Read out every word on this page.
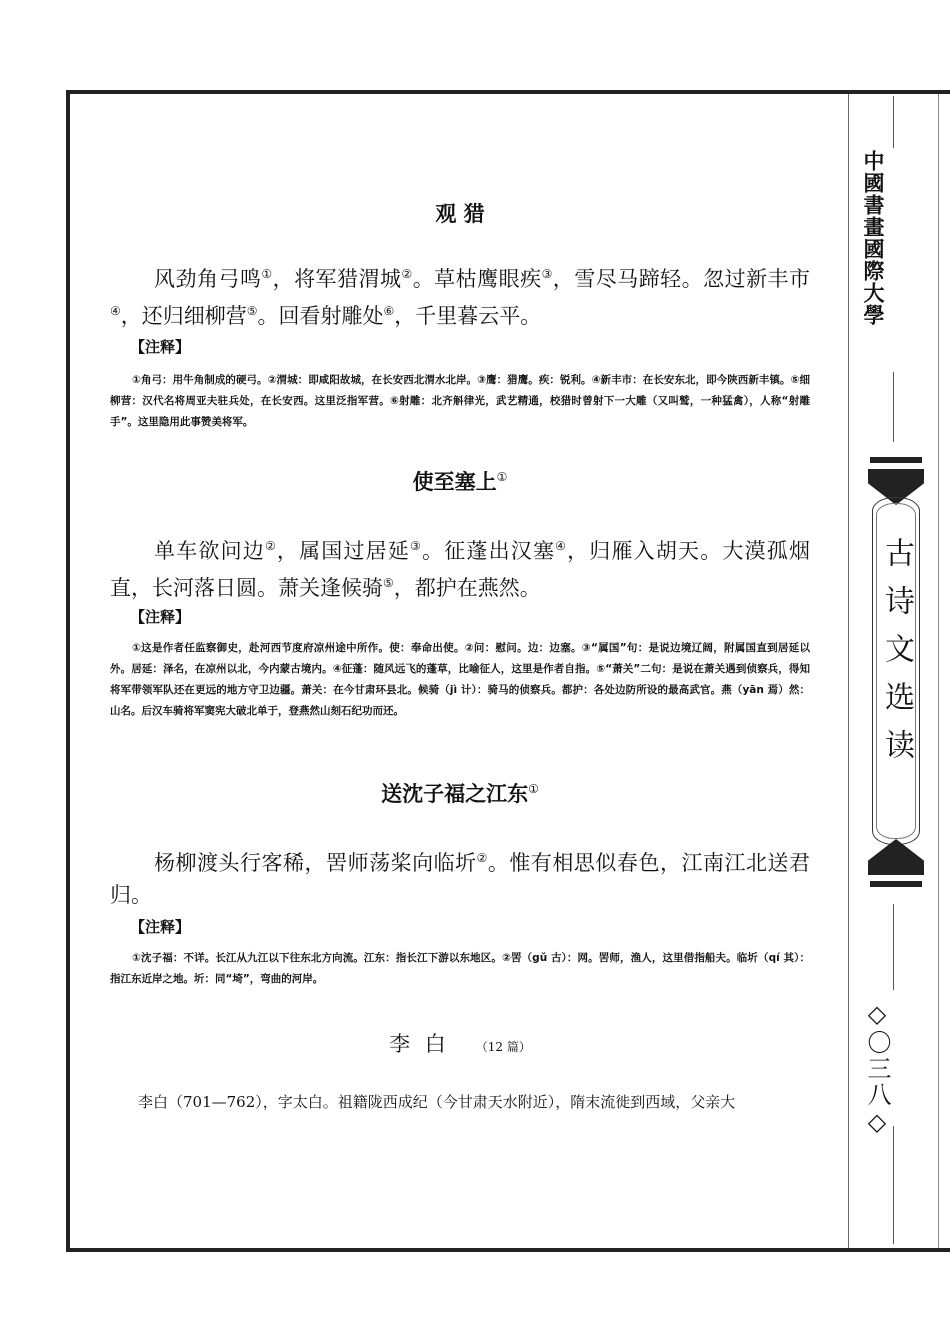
中國書畫國際大學
古诗文选读
◇〇三八◇
观 猎
风劲角弓鸣①，将军猎渭城②。草枯鹰眼疾③，雪尽马蹄轻。忽过新丰市④，还归细柳营⑤。回看射雕处⑥，千里暮云平。
【注释】
①角弓：用牛角制成的硬弓。②渭城：即咸阳故城，在长安西北渭水北岸。③鹰：猎鹰。疾：锐利。④新丰市：在长安东北，即今陕西新丰镇。⑤细柳营：汉代名将周亚夫驻兵处，在长安西。这里泛指军营。⑥射雕：北齐斛律光，武艺精通，校猎时曾射下一大雕（又叫鹫，一种猛禽），人称“射雕手”。这里隐用此事赞美将军。
使至塞上①
单车欲问边②，属国过居延③。征蓬出汉塞④，归雁入胡天。大漠孤烟直，长河落日圆。萧关逢候骑⑤，都护在燕然。
【注释】
①这是作者任监察御史，赴河西节度府凉州途中所作。使：奉命出使。②问：慰问。边：边塞。③“属国”句：是说边境辽阔，附属国直到居延以外。居延：泽名，在凉州以北，今内蒙古境内。④征蓬：随风远飞的蓬草，比喻征人，这里是作者自指。⑤“萧关”二句：是说在萧关遇到侦察兵，得知将军带领军队还在更远的地方守卫边疆。萧关：在今甘肃环县北。候骑（jì 计）：骑马的侦察兵。都护：各处边防所设的最高武官。燕（yān 焉）然：山名。后汉车骑将军窦宪大破北单于，登燕然山刻石纪功而还。
送沈子福之江东①
杨柳渡头行客稀，罟师荡桨向临圻②。惟有相思似春色，江南江北送君归。
【注释】
①沈子福：不详。长江从九江以下往东北方向流。江东：指长江下游以东地区。②罟（gǔ 古）：网。罟师，渔人，这里借指船夫。临圻（qí 其）：指江东近岸之地。圻：同“埼”，弯曲的河岸。
李 白 （12 篇）
李白（701—762），字太白。祖籍陇西成纪（今甘肃天水附近），隋末流徙到西域，父亲大
